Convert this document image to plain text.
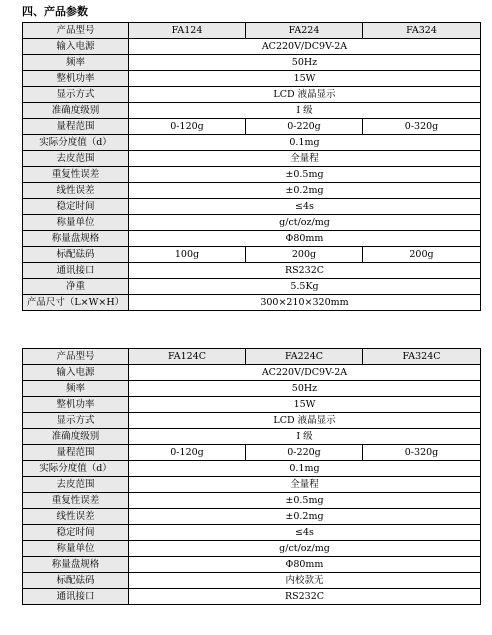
四、产品参数
产品型号	FA124	FA224	FA324
输入电源	AC220V/DC9V-2A		
频率	50Hz		
整机功率	15W		
显示方式	LCD 液晶显示		
准确度级别	I 级		
量程范围	0-120g	0-220g	0-320g
实际分度值（d）	0.1mg		
去皮范围	全量程		
重复性误差	±0.5mg		
线性误差	±0.2mg		
稳定时间	≤4s		
称量单位	g/ct/oz/mg		
称量盘规格	Φ80mm		
标配砝码	100g	200g	200g
通讯接口	RS232C		
净重	5.5Kg		
产品尺寸（L×W×H）	300×210×320mm		
产品型号	FA124C	FA224C	FA324C
输入电源	AC220V/DC9V-2A		
频率	50Hz		
整机功率	15W		
显示方式	LCD 液晶显示		
准确度级别	I 级		
量程范围	0-120g	0-220g	0-320g
实际分度值（d）	0.1mg		
去皮范围	全量程		
重复性误差	±0.5mg		
线性误差	±0.2mg		
稳定时间	≤4s		
称量单位	g/ct/oz/mg		
称量盘规格	Φ80mm		
标配砝码	内校款无		
通讯接口	RS232C		
